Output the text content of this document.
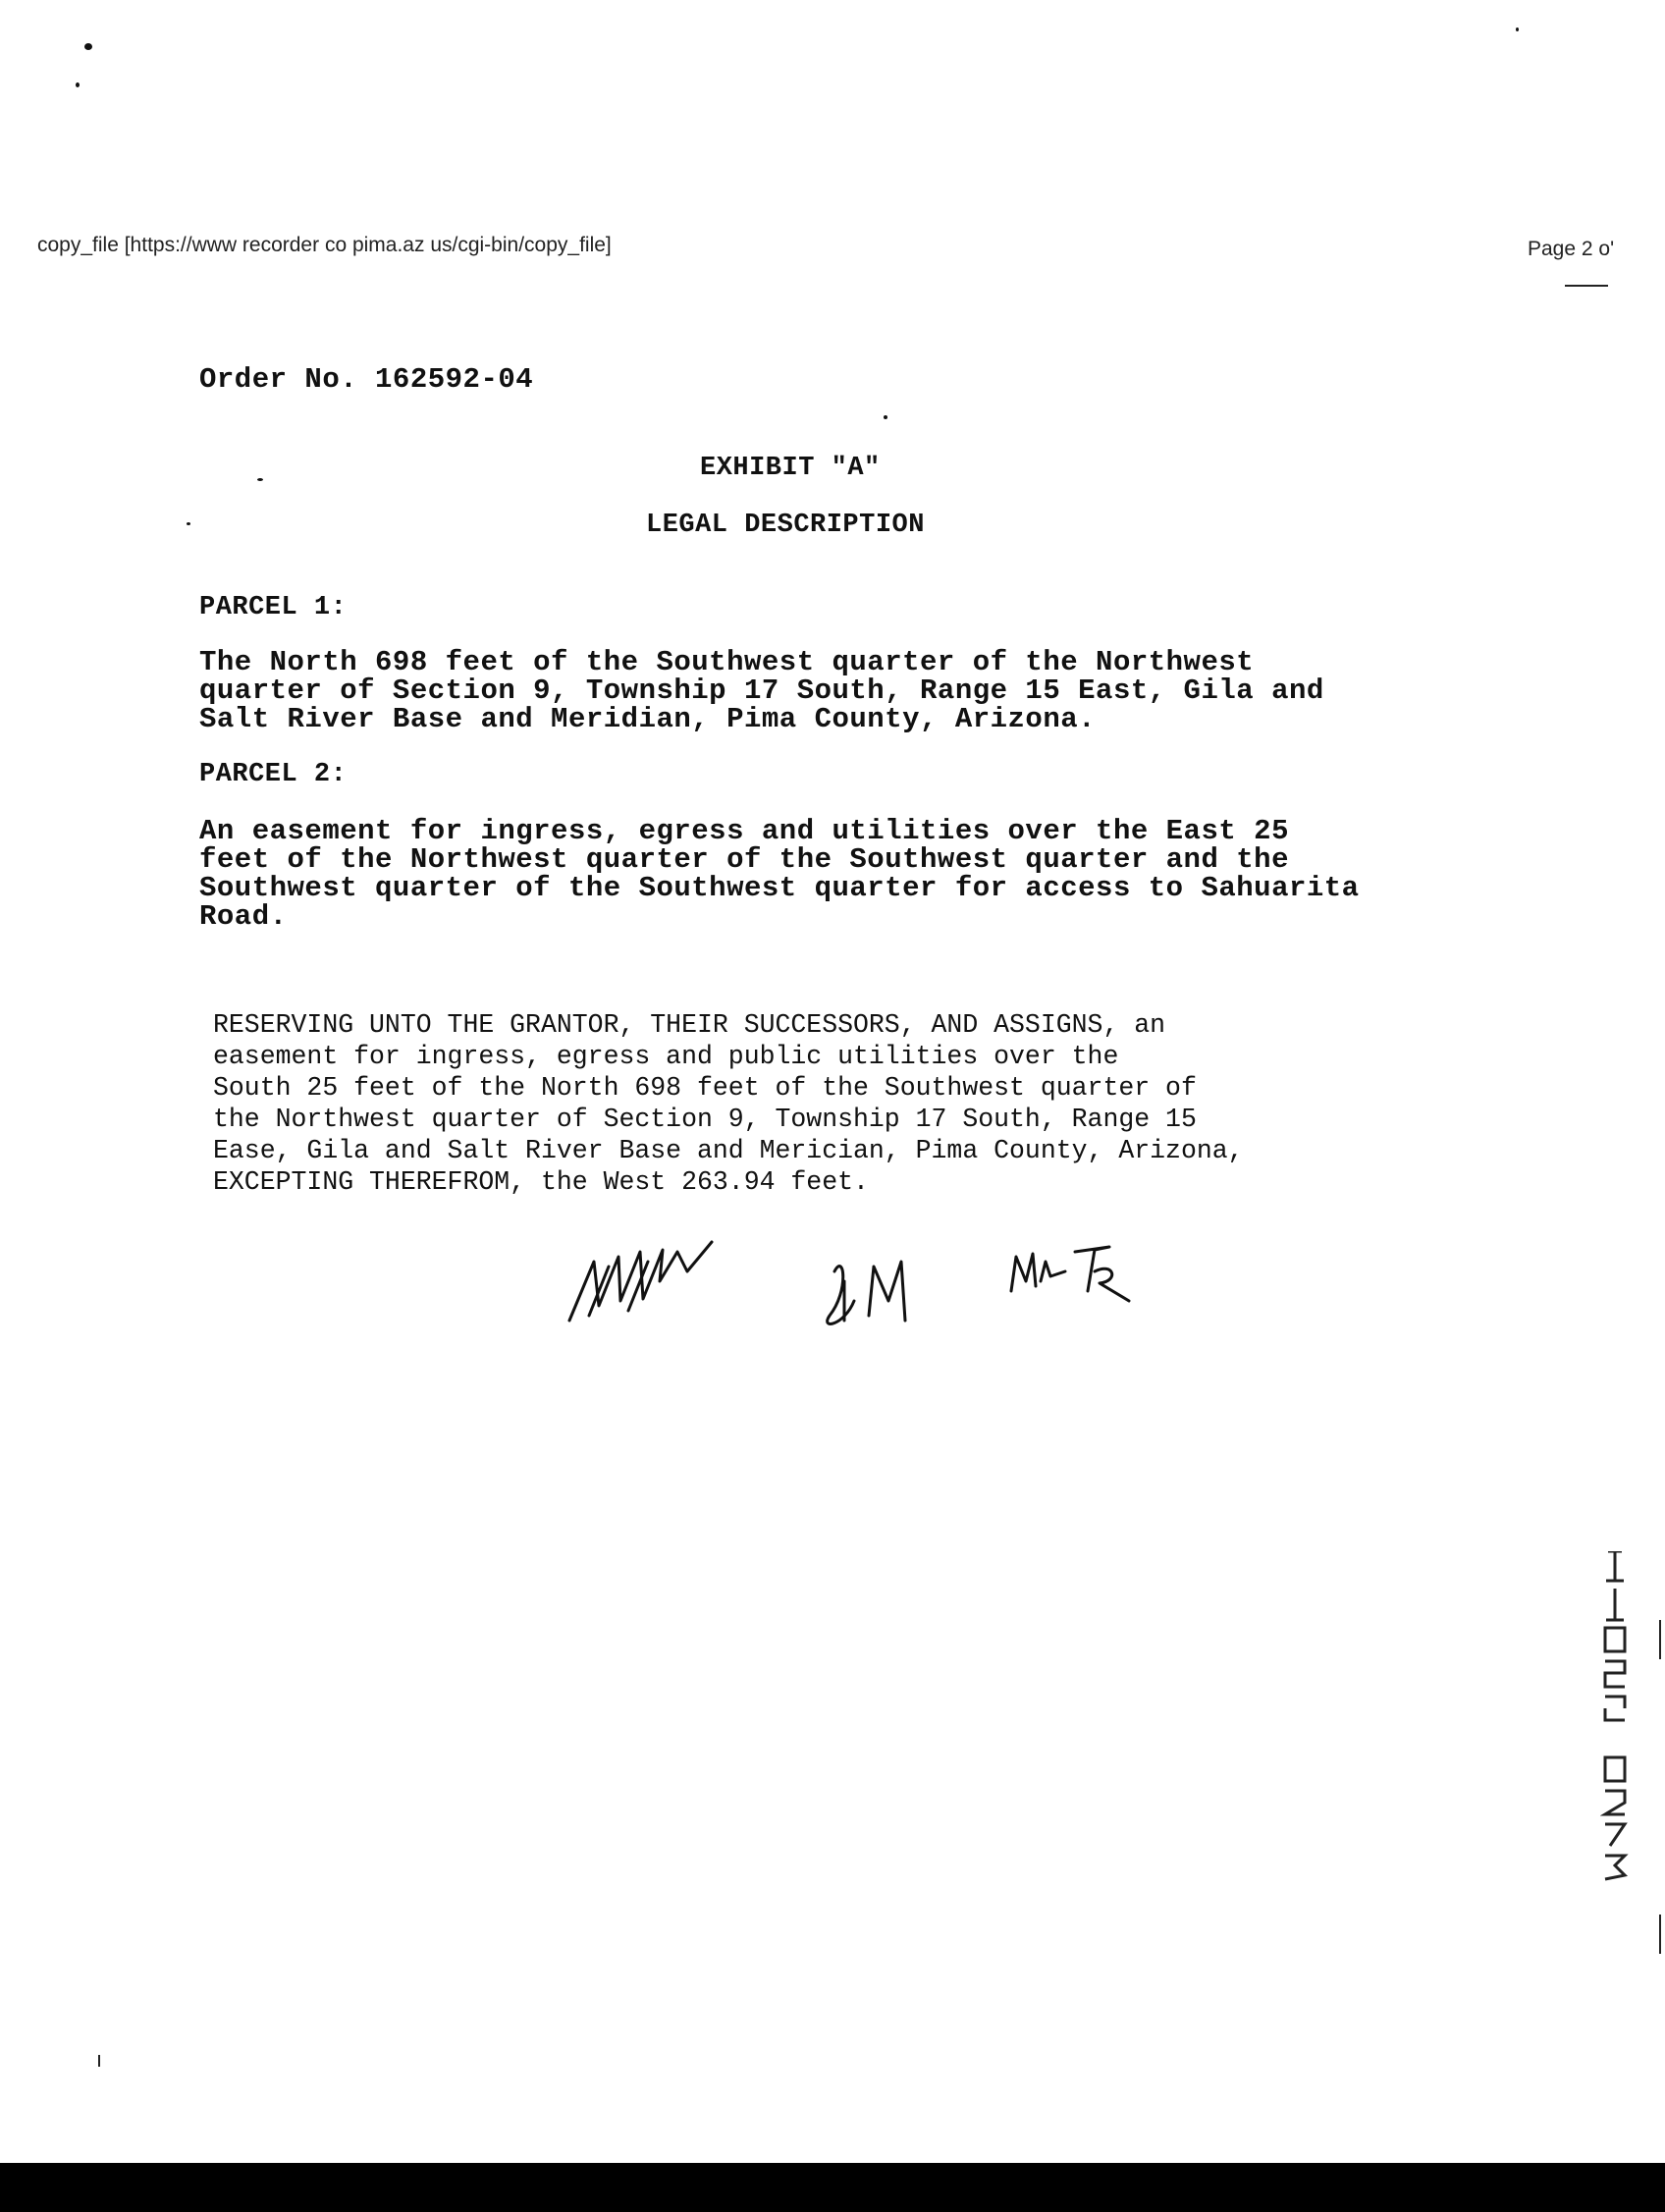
copy_file [https://www recorder co pima.az us/cgi-bin/copy_file]	Page 2 o'
Order No. 162592-04
EXHIBIT "A"
LEGAL DESCRIPTION
PARCEL 1:
The North 698 feet of the Southwest quarter of the Northwest
quarter of Section 9, Township 17 South, Range 15 East, Gila and
Salt River Base and Meridian, Pima County, Arizona.
PARCEL 2:
An easement for ingress, egress and utilities over the East 25
feet of the Northwest quarter of the Southwest quarter and the
Southwest quarter of the Southwest quarter for access to Sahuarita
Road.
RESERVING UNTO THE GRANTOR, THEIR SUCCESSORS, AND ASSIGNS, an
easement for ingress, egress and public utilities over the
South 25 feet of the North 698 feet of the Southwest quarter of
the Northwest quarter of Section 9, Township 17 South, Range 15
Ease, Gila and Salt River Base and Merician, Pima County, Arizona,
EXCEPTING THEREFROM, the West 263.94 feet.
